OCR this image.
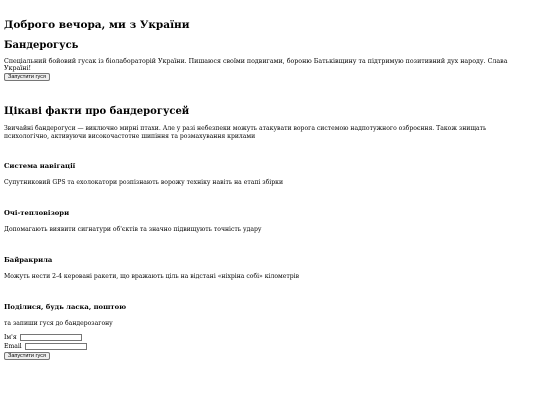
Доброго вечора, ми з України
Бандерогусь

Спеціальний бойовий гусак із біолабораторій України. Пишаюся своїми подвигами, бороню Батьківщину та підтримую позитивний дух народу. Слава Україні!

Запустити гуся
Цікаві факти про бандерогусей

Звичайні бандерогуси — виключно мирні птахи. Але у разі небезпеки можуть атакувати ворога системою надпотужного озброєння. Також знищать психологічно, активуючи високочастотне шипіння та розмахування крилами

Система навігації

Супутниковий GPS та ехолокатори розпізнають ворожу техніку навіть на етапі збірки

Очі-тепловізори

Допомагають виявити сигнатури об'єктів та значно підвищують точність удару

Байракрила

Можуть нести 2-4 керовані ракети, що вражають ціль на відстані «ніхріна собі» кілометрів

Поділися, будь ласка, поштою

та запиши гуся до бандерозагону

Ім'я
Email
Запустити гуся
